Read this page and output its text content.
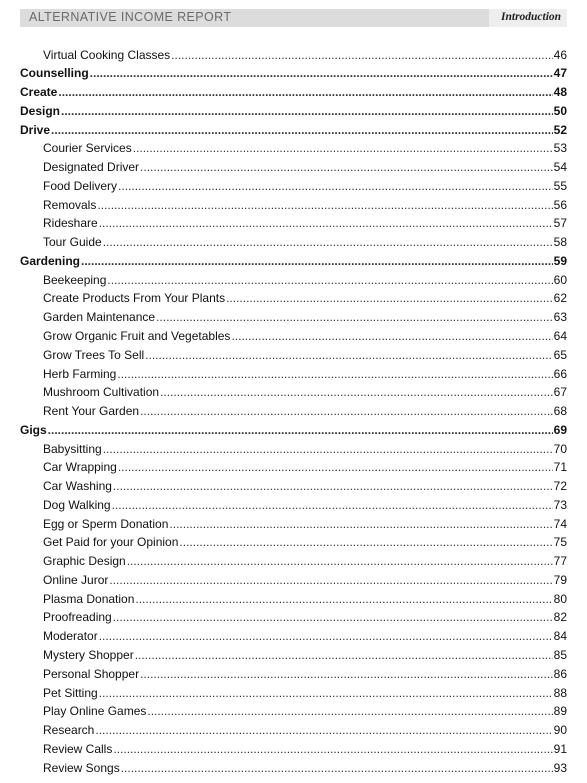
ALTERNATIVE INCOME REPORT	Introduction
Virtual Cooking Classes .....	46
Counselling .....	47
Create .....	48
Design .....	50
Drive .....	52
Courier Services .....	53
Designated Driver .....	54
Food Delivery .....	55
Removals .....	56
Rideshare .....	57
Tour Guide .....	58
Gardening .....	59
Beekeeping .....	60
Create Products From Your Plants .....	62
Garden Maintenance .....	63
Grow Organic Fruit and Vegetables .....	64
Grow Trees To Sell .....	65
Herb Farming .....	66
Mushroom Cultivation .....	67
Rent Your Garden .....	68
Gigs .....	69
Babysitting .....	70
Car Wrapping .....	71
Car Washing .....	72
Dog Walking .....	73
Egg or Sperm Donation .....	74
Get Paid for your Opinion .....	75
Graphic Design .....	77
Online Juror .....	79
Plasma Donation .....	80
Proofreading .....	82
Moderator .....	84
Mystery Shopper .....	85
Personal Shopper .....	86
Pet Sitting .....	88
Play Online Games .....	89
Research .....	90
Review Calls .....	91
Review Songs .....	93
